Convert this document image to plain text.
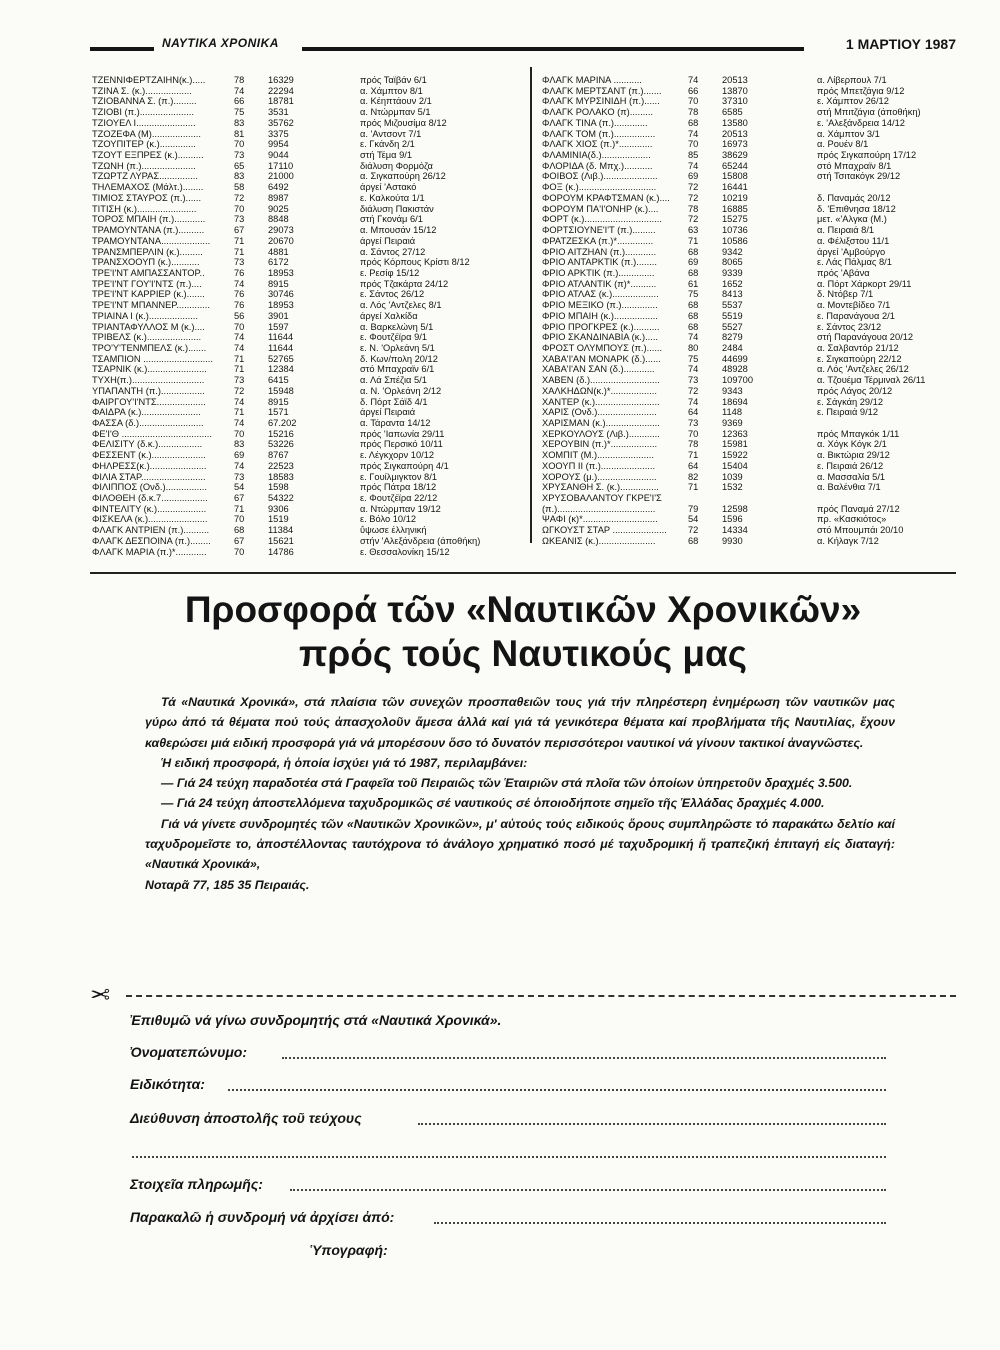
ΝΑΥΤΙΚΑ ΧΡΟΝΙΚΑ	1 ΜΑΡΤΙΟΥ 1987
ΤΖΕΝΝΙΦΕΡΤΖΑΙΗΝ(κ.).....	78	16329	πρός Ταϊβάν 6/1
ΤΖΙΝΑ Σ. (κ.)..................	74	22294	α. Χάμπτον 8/1
ΤΖΙΟΒΑΝΝΑ Σ. (π.).........	66	18781	α. Κέηπτάουν 2/1
ΤΖΙΟΒΙ (π.).....................	75	3531	α. Ντώρμπαν 5/1
ΤΖΙΟΥΕΛ Ι.......................	83	35762	πρός Μιζουσίμα 8/12
ΤΖΟΖΕΦΑ (Μ)...................	81	3375	α. 'Αντσοντ 7/1
ΤΖΟΥΠΙΤΕΡ (κ.)..............	70	9954	ε. Γκάνδη 2/1
ΤΖΟΥΤ ΕΞΠΡΕΣ (κ.)..........	73	9044	στή Τέμα 9/1
ΤΖΩΝΗ (π.).....................	65	17110	διάλυση Φορμόζα
ΤΖΩΡΤΖ ΛΥΡΑΣ...............	83	21000	α. Σιγκαπούρη 26/12
ΤΗΛΕΜΑΧΟΣ (Μάλτ.)........	58	6492	άργεί 'Αστακό
ΤΙΜΙΟΣ ΣΤΑΥΡΟΣ (π.)......	72	8987	ε. Καλκούτα 1/1
ΤΙΤΙΣΗ (κ.).......................	70	9025	διάλυση Πακιστάν
ΤΟΡΟΣ ΜΠΑΙΗ (π.)............	73	8848	στή Γκονάμ 6/1
ΤΡΑΜΟΥΝΤΑΝΑ (π.)..........	67	29073	α. Μπουσάν 15/12
ΤΡΑΜΟΥΝΤΑΝΑ...................	71	20670	άργεί Πειραιά
ΤΡΑΝΣΜΠΕΡΛΙΝ (κ.).........	71	4881	α. Σάντος 27/12
ΤΡΑΝΣΧΟΟΥΠ (κ.)...........	73	6172	πρός Κόρπους Κρίστι 8/12
ΤΡΕ'Ι'ΝΤ ΑΜΠΑΣΣΑΝΤΟΡ..	76	18953	ε. Ρεσίφ 15/12
ΤΡΕ'Ι'ΝΤ ΓΟΥ'Ι'ΝΤΣ (π.)....	74	8915	πρός Τζακάρτα 24/12
ΤΡΕ'Ι'ΝΤ ΚΑΡΡΙΕΡ (κ.).......	76	30746	ε. Σάντος 26/12
ΤΡΕ'Ι'ΝΤ ΜΠΑΝΝΕΡ.............	76	18953	α. Λός 'Αντζελες 8/1
ΤΡΙΑΙΝΑ Ι (κ.)...................	56	3901	άργεί Χαλκίδα
ΤΡΙΑΝΤΑΦΥΛΛΟΣ Μ (κ.)....	70	1597	α. Βαρκελώνη 5/1
ΤΡΙΒΕΛΣ (κ.).....................	74	11644	ε. Φουτζέϊρα 9/1
ΤΡΟ'Υ'ΤΕΝΜΠΕΛΣ (κ.).......	74	11644	ε. Ν. 'Ορλεάνη 5/1
ΤΣΑΜΠΙΟΝ ...........................	71	52765	δ. Κων/πολη 20/12
ΤΣΑΡΝΙΚ (κ.).......................	71	12384	στό Μπαχραϊν 6/1
ΤΥΧΗ(π.)............................	73	6415	α. Λά Σπέζια 5/1
ΥΠΑΠΑΝΤΗ (π.).................	72	15948	α. Ν. 'Ορλεάνη 2/12
ΦΑΙΡΓΟΥ'Ι'ΝΤΣ...................	74	8915	δ. Πόρτ Σάϊδ 4/1
ΦΑΙΔΡΑ (κ.).......................	71	1571	άργεί Πειραιά
ΦΑΣΣΑ (δ.).........................	74	67.202	α. Τάραντα 14/12
ΦΕ'Ι'Θ ...................................	70	15216	πρός 'Ιαπωνία 29/11
ΦΕΛΙΣΙΤΥ (δ.κ.).................	83	53226	πρός Περσικό 10/11
ΦΕΣΣΕΝΤ (κ.).....................	69	8767	ε. Λέγκχορν 10/12
ΦΗΛΡΕΣΣ(κ.)......................	74	22523	πρός Σιγκαπούρη 4/1
ΦΙΛΙΑ ΣΤΑΡ.........................	73	18583	ε. Γουίλμιγκτον 8/1
ΦΙΛΙΠΠΟΣ (Ονδ.)................	54	1598	πρός Πάτρα 18/12
ΦΙΛΟΘΕΗ (δ.κ.7..................	67	54322	ε. Φουτζέϊρα 22/12
ΦΙΝΤΕΛΙΤΥ (κ.)...................	71	9306	α. Ντώρμπαν 19/12
ΦΙΣΚΕΛΑ (κ.).......................	70	1519	ε. Βόλο 10/12
ΦΛΑΓΚ ΑΝΤΡΙΕΝ (π.)..........	68	11384	ΰψωσε έλληνική
ΦΛΑΓΚ ΔΕΣΠΟΙΝΑ (π.)........	67	15621	στήν 'Αλεξάνδρεια (άποθήκη)
ΦΛΑΓΚ ΜΑΡΙΑ (π.)*............	70	14786	ε. Θεσσαλονίκη 15/12
ΦΛΑΓΚ ΜΑΡΙΝΑ ...........	74	20513	α. Λίβερπουλ 7/1
ΦΛΑΓΚ ΜΕΡΤΣΑΝΤ (π.).......	66	13870	πρός Μπετζάγια 9/12
ΦΛΑΓΚ ΜΥΡΣΙΝΙΔΗ (π.)......	70	37310	ε. Χάμπτον 26/12
ΦΛΑΓΚ ΡΟΛΑΚΟ (π).........	78	6585	στή Μπιτζάγια (άποθήκη)
ΦΛΑΓΚ ΤΙΝΑ (π.).............	68	13580	ε. 'Αλεξάνδρεια 14/12
ΦΛΑΓΚ ΤΟΜ (π.)................	74	20513	α. Χάμπτον 3/1
ΦΛΑΓΚ ΧΙΟΣ (π.)*.............	70	16973	α. Ρουέν 8/1
ΦΛΑΜΙΝΙΑ(δ.)...................	85	38629	πρός Σιγκαπούρη 17/12
ΦΛΟΡΙΔΑ (δ. Μπχ.)...........	74	65244	στό Μπαχραϊν 8/1
ΦΟΙΒΟΣ (Λιβ.).....................	69	15808	στή Τσιτακόγκ 29/12
ΦΟΞ (κ.)..............................	72	16441
ΦΟΡΟΥΜ ΚΡΑΦΤΣΜΑΝ (κ.)....	72	10219	δ. Παναμάς 20/12
ΦΟΡΟΥΜ ΠΑ'Ι'ΟΝΗΡ (κ.)....	78	16885	δ. 'Επιθνησα 18/12
ΦΟΡΤ (κ.)..............................	72	15275	μετ. «'Αλγκα (Μ.)
ΦΟΡΤΣΙΟΥΝΕ'Ι'Τ (π.).........	63	10736	α. Πειραιά 8/1
ΦΡΑΤΖΕΣΚΑ (π.)*..............	71	10586	α. Φέλιξστου 11/1
ΦΡΙΟ ΑΙΤΖΗΑΝ (π.)............	68	9342	άργεί 'Αμβούργο
ΦΡΙΟ ΑΝΤΑΡΚΤΙΚ (π.)........	69	8065	ε. Λάς Πάλμας 8/1
ΦΡΙΟ ΑΡΚΤΙΚ (π.)..............	68	9339	πρός 'Αβάνα
ΦΡΙΟ ΑΤΛΑΝΤΙΚ (π)*..........	61	1652	α. Πόρτ Χάρκορτ 29/11
ΦΡΙΟ ΑΤΛΑΣ (κ.)..................	75	8413	δ. Ντόβερ 7/1
ΦΡΙΟ ΜΕΞΙΚΟ (π.)..............	68	5537	α. Μοντεβίδεο 7/1
ΦΡΙΟ ΜΠΑΙΗ (κ.).................	68	5519	ε. Παρανάγουα 2/1
ΦΡΙΟ ΠΡΟΓΚΡΕΣ (κ.)..........	68	5527	ε. Σάντος 23/12
ΦΡΙΟ ΣΚΑΝΔΙΝΑΒΙΑ (κ.).....	74	8279	στή Παρανάγουα 20/12
ΦΡΟΣΤ ΟΛΥΜΠΟΥΣ (π.)......	80	2484	α. Σαλβαντόρ 21/12
ΧΑΒΑ'Ι'ΑΝ ΜΟΝΑΡΚ (δ.)......	75	44699	ε. Σιγκαπούρη 22/12
ΧΑΒΑ'Ι'ΑΝ ΣΑΝ (δ.)............	74	48928	α. Λός 'Αντζελες 26/12
ΧΑΒΕΝ (δ.)...........................	73	109700	α. Τζουέμα Τέρμιναλ 26/11
ΧΑΛΚΗΔΩΝ(κ.)*..................	72	9343	πρός Λάγος 20/12
ΧΑΝΤΕΡ (κ.).........................	74	18694	ε. Σάγκάη 29/12
ΧΑΡΙΣ (Ονδ.).......................	64	1148	ε. Πειραιά 9/12
ΧΑΡΙΣΜΑΝ (κ.).....................	73	9369
ΧΕΡΚΟΥΛΟΥΣ (Λιβ.)............	70	12363	πρός Μπαγκόκ 1/11
ΧΕΡΟΥΒΙΝ (π.)*..................	78	15981	α. Χόγκ Κόγκ 2/1
ΧΟΜΠΙΤ (Μ.)......................	71	15922	α. Βικτώρια 29/12
ΧΟΟΥΠ ΙΙ (π.).....................	64	15404	ε. Πειραιά 26/12
ΧΟΡΟΥΣ (μ.).......................	82	1039	α. Μασσαλία 5/1
ΧΡΥΣΑΝΘΗ Σ. (κ.)...............	71	1532	α. Βαλένθια 7/1
ΧΡΥΣΟΒΑΛΑΝΤΟΥ ΓΚΡΕ'Ι'Σ
(π.)......................................	79	12598	πρός Παναμά 27/12
ΨΑΦΙ (κ)*.............................	54	1596	πρ. «Κασκιότος»
ΩΓΚΟΥΣΤ ΣΤΑΡ .....................	72	14334	στό Μπουμπάι 20/10
ΩΚΕΑΝΙΣ (κ.)......................	68	9930	α. Κήλαγκ 7/12
Προσφορά τῶν «Ναυτικῶν Χρονικῶν»
πρός τούς Ναυτικούς μας

Τά «Ναυτικά Χρονικά», στά πλαίσια τῶν συνεχῶν προσπαθειῶν τους γιά τήν πληρέστερη ἐνημέρωση τῶν ναυτικῶν μας γύρω ἀπό τά θέματα πού τούς ἀπασχολοῦν ἄμεσα ἀλλά καί γιά τά γενικότερα θέματα καί προβλήματα τῆς Ναυτιλίας, ἔχουν καθερώσει μιά ειδική προσφορά γιά νά μπορέσουν ὅσο τό δυνατόν περισσότεροι ναυτικοί νά γίνουν τακτικοί ἀναγνῶστες.

Ἡ ειδική προσφορά, ἡ ὁποία ἰσχύει γιά τό 1987, περιλαμβάνει:

— Γιά 24 τεύχη παραδοτέα στά Γραφεῖα τοῦ Πειραιῶς τῶν Ἑταιριῶν στά πλοῖα τῶν ὁποίων ὑπηρετοῦν δραχμές 3.500.

— Γιά 24 τεύχη ἀποστελλόμενα ταχυδρομικῶς σέ ναυτικούς σέ ὁποιοδήποτε σημεῖο τῆς Ἑλλάδας δραχμές 4.000.

Γιά νά γίνετε συνδρομητές τῶν «Ναυτικῶν Χρονικῶν», μ' αὐτούς τούς ειδικούς ὅρους συμπληρῶστε τό παρακάτω δελτίο καί ταχυδρομεῖστε το, ἀποστέλλοντας ταυτόχρονα τό ἀνάλογο χρηματικό ποσό μέ ταχυδρομική ἤ τραπεζική ἐπιταγή εἰς διαταγή: «Ναυτικά Χρονικά»,

Νοταρᾶ 77, 185 35 Πειραιάς.

✂
Ἐπιθυμῶ νά γίνω συνδρομητής στά «Ναυτικά Χρονικά».
Ὀνοματεπώνυμο:
Ειδικότητα:
Διεύθυνση ἀποστολῆς τοῦ τεύχους
Στοιχεῖα πληρωμῆς:
Παρακαλῶ ἡ συνδρομή νά ἀρχίσει ἀπό:
Ὑπογραφή:
